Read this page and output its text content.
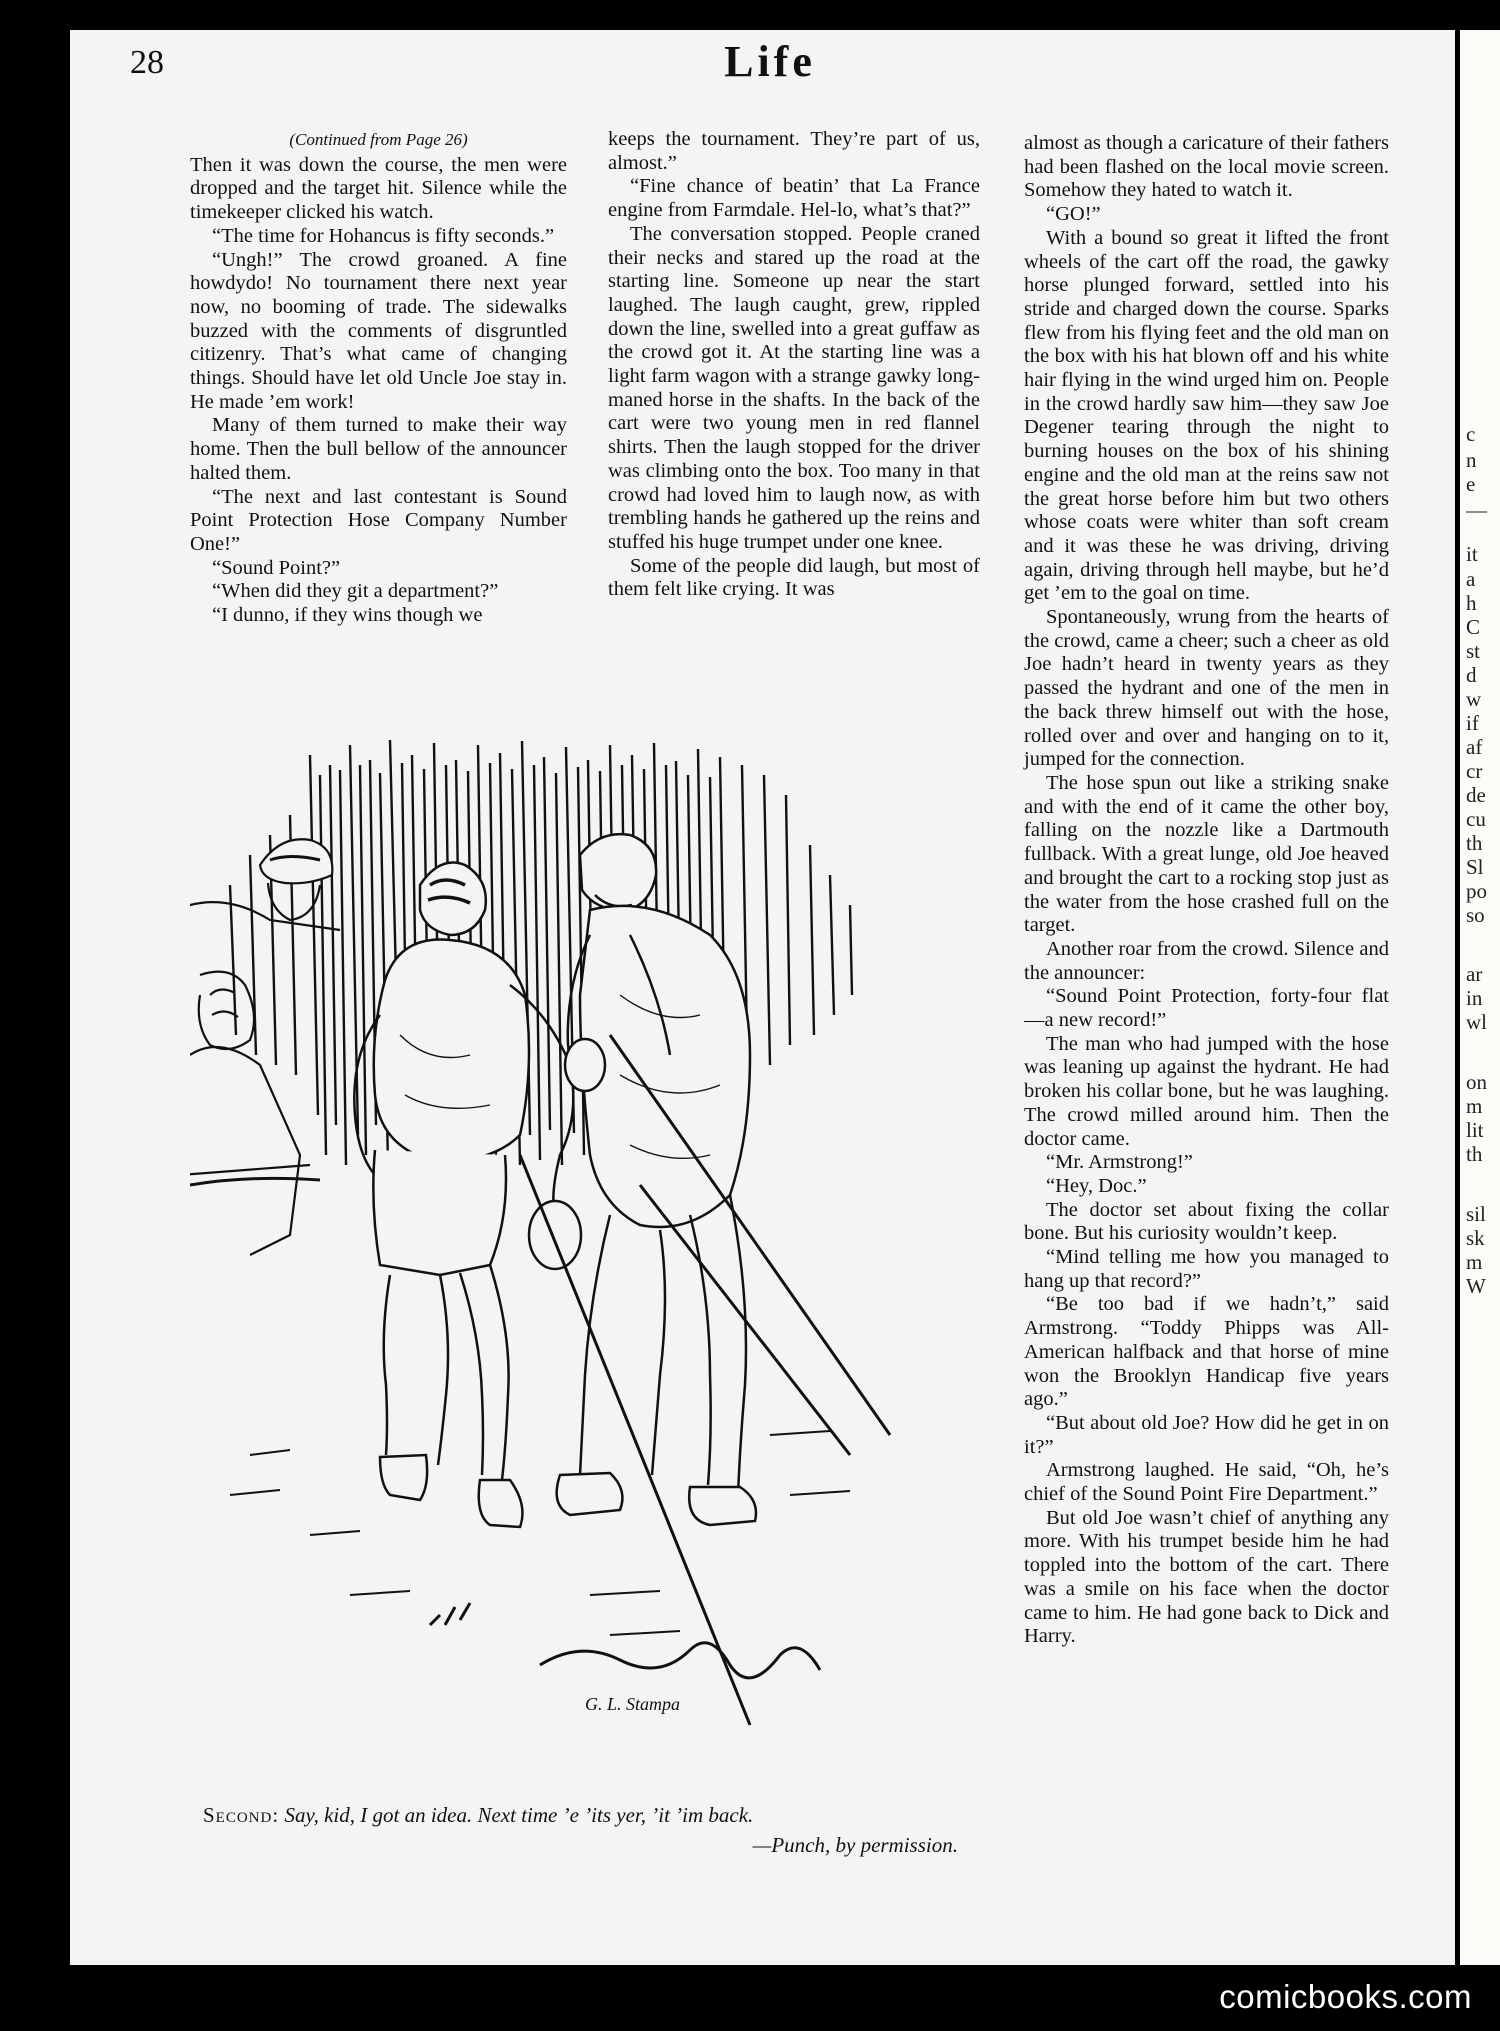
c
n
e
—
it
a
h
C
st
d
w
if
af
cr
de
cu
th
Sl
po
so
ar
in
wl
on
m
lit
th
sil
sk
m
W
28	Life

(Continued from Page 26)

Then it was down the course, the men were dropped and the target hit. Silence while the timekeeper clicked his watch.

“The time for Hohancus is fifty seconds.”

“Ungh!” The crowd groaned. A fine howdydo! No tournament there next year now, no booming of trade. The sidewalks buzzed with the comments of disgruntled citizenry. That’s what came of changing things. Should have let old Uncle Joe stay in. He made ’em work!

Many of them turned to make their way home. Then the bull bellow of the announcer halted them.

“The next and last contestant is Sound Point Protection Hose Company Number One!”

“Sound Point?”

“When did they git a department?”

“I dunno, if they wins though we

keeps the tournament. They’re part of us, almost.”

“Fine chance of beatin’ that La France engine from Farmdale. Hel-lo, what’s that?”

The conversation stopped. People craned their necks and stared up the road at the starting line. Someone up near the start laughed. The laugh caught, grew, rippled down the line, swelled into a great guffaw as the crowd got it. At the starting line was a light farm wagon with a strange gawky long-maned horse in the shafts. In the back of the cart were two young men in red flannel shirts. Then the laugh stopped for the driver was climbing onto the box. Too many in that crowd had loved him to laugh now, as with trembling hands he gathered up the reins and stuffed his huge trumpet under one knee.

Some of the people did laugh, but most of them felt like crying. It was

almost as though a caricature of their fathers had been flashed on the local movie screen. Somehow they hated to watch it.

“GO!”

With a bound so great it lifted the front wheels of the cart off the road, the gawky horse plunged forward, settled into his stride and charged down the course. Sparks flew from his flying feet and the old man on the box with his hat blown off and his white hair flying in the wind urged him on. People in the crowd hardly saw him—they saw Joe Degener tearing through the night to burning houses on the box of his shining engine and the old man at the reins saw not the great horse before him but two others whose coats were whiter than soft cream and it was these he was driving, driving again, driving through hell maybe, but he’d get ’em to the goal on time.

Spontaneously, wrung from the hearts of the crowd, came a cheer; such a cheer as old Joe hadn’t heard in twenty years as they passed the hydrant and one of the men in the back threw himself out with the hose, rolled over and over and hanging on to it, jumped for the connection.

The hose spun out like a striking snake and with the end of it came the other boy, falling on the nozzle like a Dartmouth fullback. With a great lunge, old Joe heaved and brought the cart to a rocking stop just as the water from the hose crashed full on the target.

Another roar from the crowd. Silence and the announcer:

“Sound Point Protection, forty-four flat—a new record!”

The man who had jumped with the hose was leaning up against the hydrant. He had broken his collar bone, but he was laughing. The crowd milled around him. Then the doctor came.

“Mr. Armstrong!”

“Hey, Doc.”

The doctor set about fixing the collar bone. But his curiosity wouldn’t keep.

“Mind telling me how you managed to hang up that record?”

“Be too bad if we hadn’t,” said Armstrong. “Toddy Phipps was All-American halfback and that horse of mine won the Brooklyn Handicap five years ago.”

“But about old Joe? How did he get in on it?”

Armstrong laughed. He said, “Oh, he’s chief of the Sound Point Fire Department.”

But old Joe wasn’t chief of anything any more. With his trumpet beside him he had toppled into the bottom of the cart. There was a smile on his face when the doctor came to him. He had gone back to Dick and Harry.

G. L. Stampa
Second: Say, kid, I got an idea. Next time ’e ’its yer, ’it ’im back.
—Punch, by permission.
comicbooks.com
